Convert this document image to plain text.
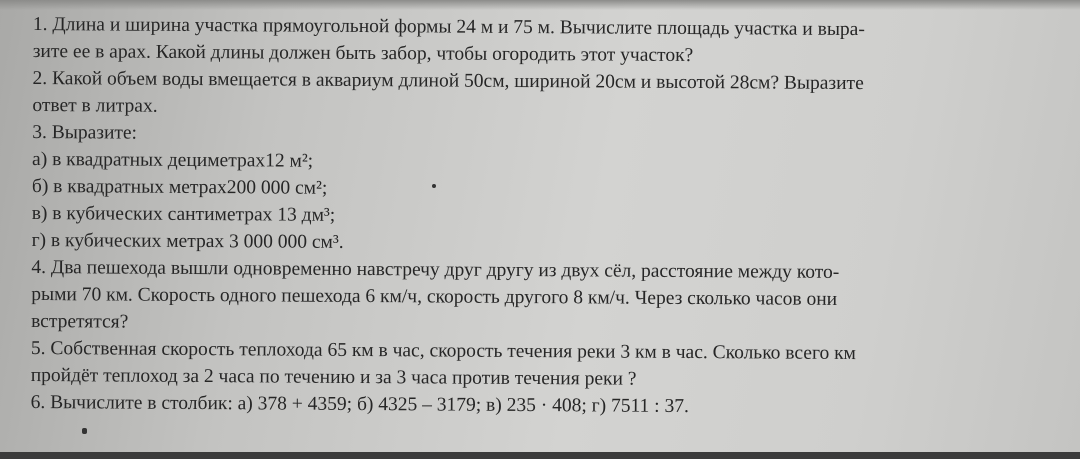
1. Длина и ширина участка прямоугольной формы 24 м и 75 м. Вычислите площадь участка и выра-
зите ее в арах. Какой длины должен быть забор, чтобы огородить этот участок?
2. Какой объем воды вмещается в аквариум длиной 50см, шириной 20см и высотой 28см? Выразите
ответ в литрах.
3. Выразите:
а) в квадратных дециметрах12 м²;
б) в квадратных метрах200 000 см²;
в) в кубических сантиметрах 13 дм³;
г) в кубических метрах 3 000 000 см³.
4. Два пешехода вышли одновременно навстречу друг другу из двух сёл, расстояние между кото-
рыми 70 км. Скорость одного пешехода 6 км/ч, скорость другого 8 км/ч. Через сколько часов они
встретятся?
5. Собственная скорость теплохода 65 км в час, скорость течения реки 3 км в час. Сколько всего км
пройдёт теплоход за 2 часа по течению и за 3 часа против течения реки ?
6. Вычислите в столбик: а) 378 + 4359; б) 4325 – 3179; в) 235 · 408; г) 7511 : 37.
